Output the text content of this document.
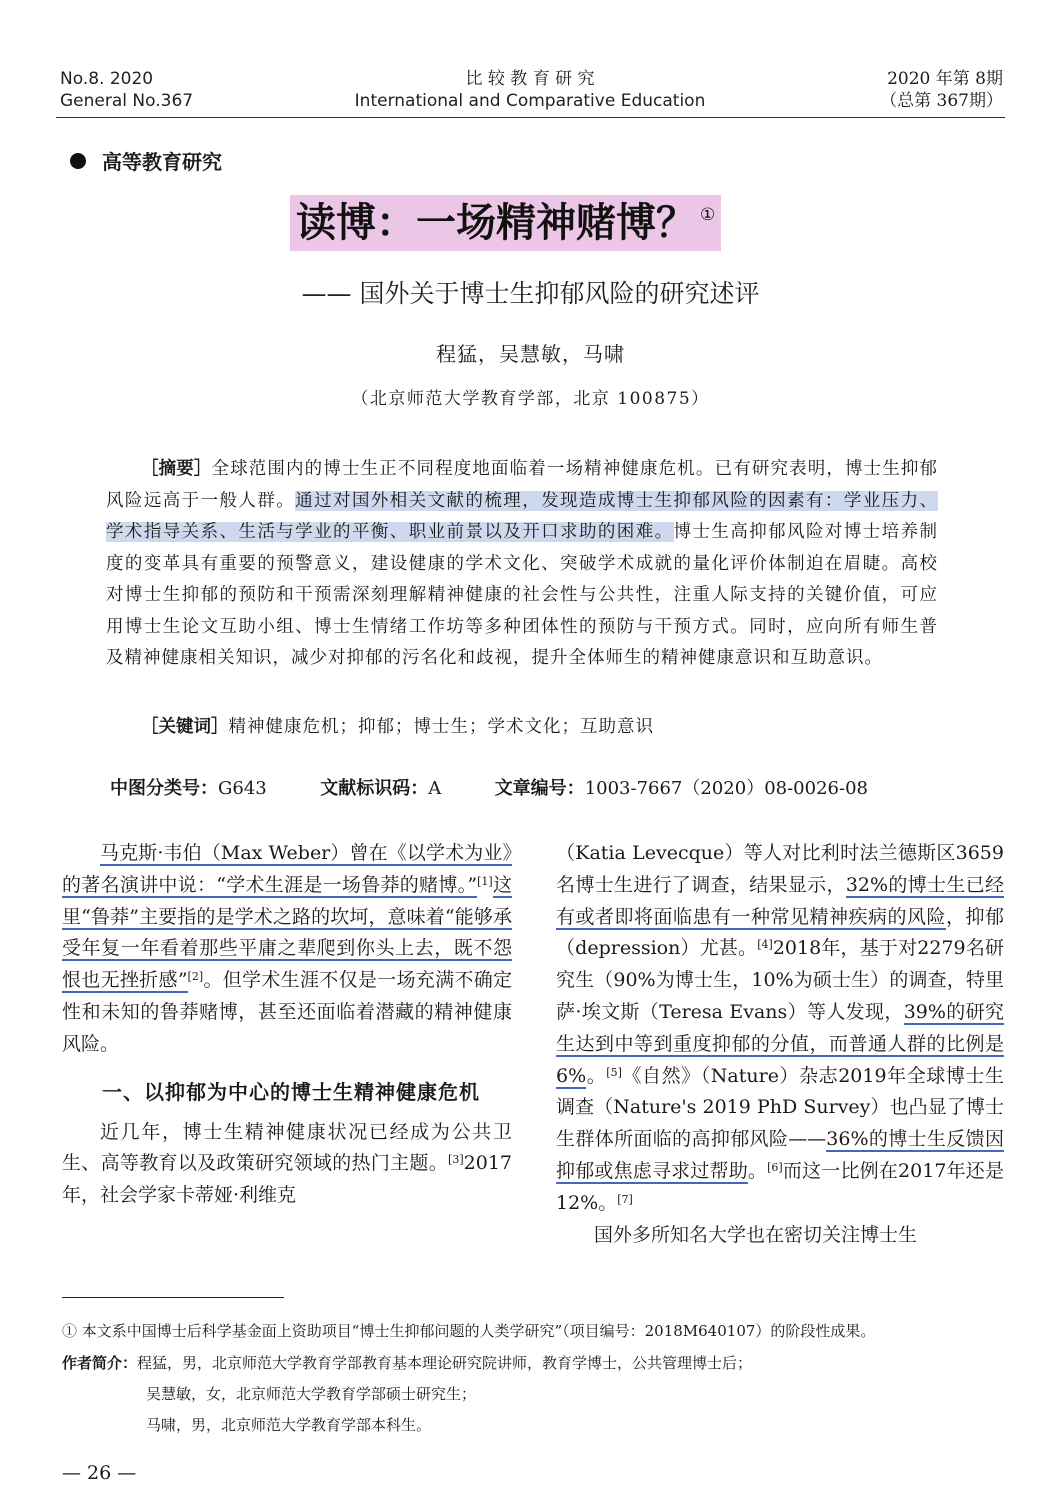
No.8. 2020
General No.367
比 较 教 育 研 究
International and Comparative Education
2020 年第 8期
（总第 367期）
高等教育研究
读博：一场精神赌博？ ①
—— 国外关于博士生抑郁风险的研究述评
程猛，吴慧敏，马啸
（北京师范大学教育学部，北京 100875）

［摘要］全球范围内的博士生正不同程度地面临着一场精神健康危机。已有研究表明，博士生抑郁风险远高于一般人群。通过对国外相关文献的梳理，发现造成博士生抑郁风险的因素有：学业压力、学术指导关系、生活与学业的平衡、职业前景以及开口求助的困难。博士生高抑郁风险对博士培养制度的变革具有重要的预警意义，建设健康的学术文化、突破学术成就的量化评价体制迫在眉睫。高校对博士生抑郁的预防和干预需深刻理解精神健康的社会性与公共性，注重人际支持的关键价值，可应用博士生论文互助小组、博士生情绪工作坊等多种团体性的预防与干预方式。同时，应向所有师生普及精神健康相关知识，减少对抑郁的污名化和歧视，提升全体师生的精神健康意识和互助意识。

［关键词］精神健康危机；抑郁；博士生；学术文化；互助意识
中图分类号：G643	文献标识码：A	文章编号：1003-7667（2020）08-0026-08

马克斯·韦伯（Max Weber）曾在《以学术为业》的著名演讲中说：“学术生涯是一场鲁莽的赌博。”[1]这里“鲁莽”主要指的是学术之路的坎坷，意味着“能够承受年复一年看着那些平庸之辈爬到你头上去，既不怨恨也无挫折感”[2]。但学术生涯不仅是一场充满不确定性和未知的鲁莽赌博，甚至还面临着潜藏的精神健康风险。

一、以抑郁为中心的博士生精神健康危机

近几年，博士生精神健康状况已经成为公共卫生、高等教育以及政策研究领域的热门主题。[3]2017年，社会学家卡蒂娅·利维克

（Katia Levecque）等人对比利时法兰德斯区3659名博士生进行了调查，结果显示，32%的博士生已经有或者即将面临患有一种常见精神疾病的风险，抑郁（depression）尤甚。[4]2018年，基于对2279名研究生（90%为博士生，10%为硕士生）的调查，特里萨·埃文斯（Teresa Evans）等人发现，39%的研究生达到中等到重度抑郁的分值，而普通人群的比例是6%。[5]《自然》（Nature）杂志2019年全球博士生调查（Nature's 2019 PhD Survey）也凸显了博士生群体所面临的高抑郁风险——36%的博士生反馈因抑郁或焦虑寻求过帮助。[6]而这一比例在2017年还是12%。[7]

国外多所知名大学也在密切关注博士生

① 本文系中国博士后科学基金面上资助项目“博士生抑郁问题的人类学研究”（项目编号：2018M640107）的阶段性成果。
作者简介：程猛，男，北京师范大学教育学部教育基本理论研究院讲师，教育学博士，公共管理博士后；
吴慧敏，女，北京师范大学教育学部硕士研究生；
马啸，男，北京师范大学教育学部本科生。
— 26 —
